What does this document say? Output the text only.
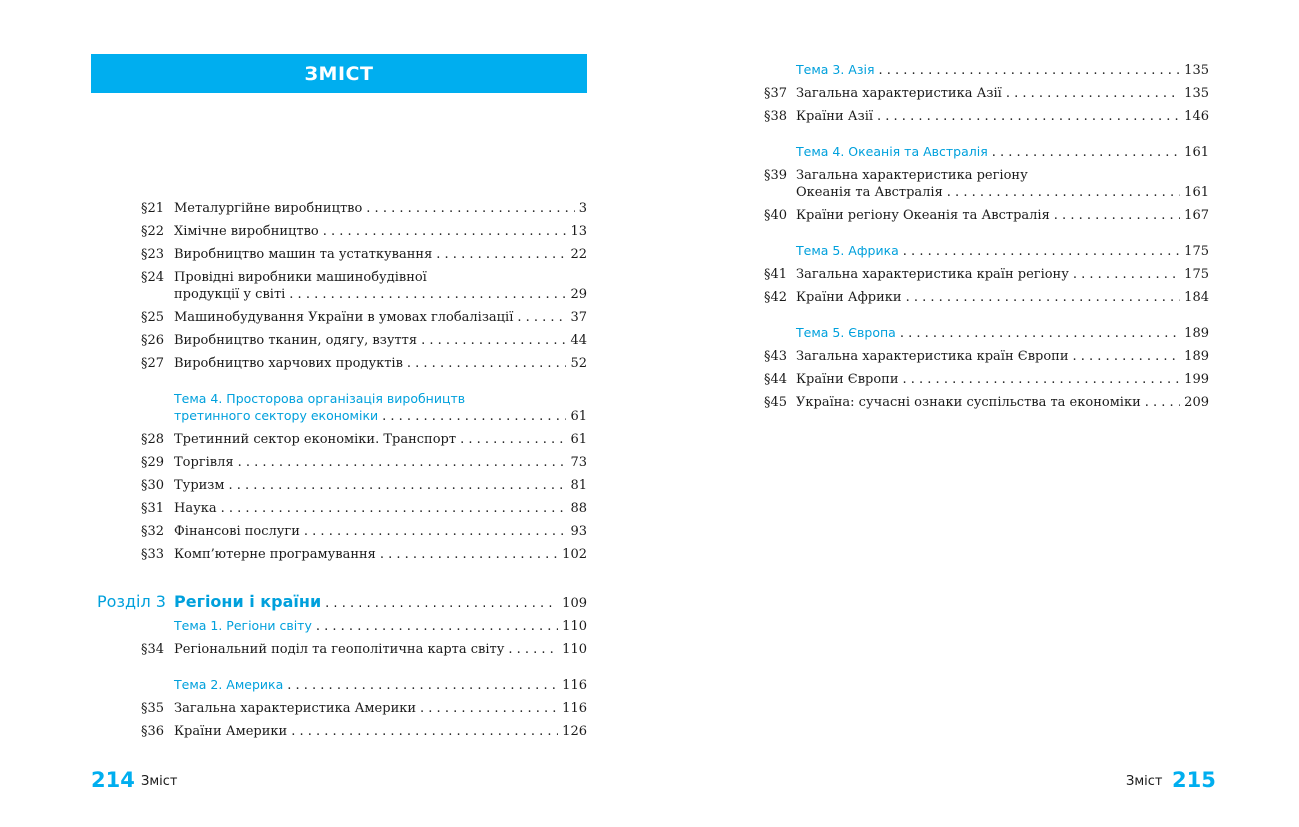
ЗМІСТ
§21 Металургійне виробництво . . .	3
§22 Хімічне виробництво . . .	13
§23 Виробництво машин та устаткування . . .	22
§24 Провідні виробники машинобудівної
продукції у світі . . .	29
§25 Машинобудування України в умовах глобалізації . . .	37
§26 Виробництво тканин, одягу, взуття . . .	44
§27 Виробництво харчових продуктів . . .	52
Тема 4. Просторова організація виробництв
третинного сектору економіки . . .	61
§28 Третинний сектор економіки. Транспорт . . .	61
§29 Торгівля . . .	73
§30 Туризм . . .	81
§31 Наука . . .	88
§32 Фінансові послуги . . .	93
§33 Комп’ютерне програмування . . .	102
Розділ 3 Регіони і країни . . .	109
Тема 1. Регіони світу . . .	110
§34 Регіональний поділ та геополітична карта світу . . .	110
Тема 2. Америка . . .	116
§35 Загальна характеристика Америки . . .	116
§36 Країни Америки . . .	126
214 Зміст
Тема 3. Азія . . .	135
§37 Загальна характеристика Азії . . .	135
§38 Країни Азії . . .	146
Тема 4. Океанія та Австралія . . .	161
§39 Загальна характеристика регіону
Океанія та Австралія . . .	161
§40 Країни регіону Океанія та Австралія . . .	167
Тема 5. Африка . . .	175
§41 Загальна характеристика країн регіону . . .	175
§42 Країни Африки . . .	184
Тема 5. Європа . . .	189
§43 Загальна характеристика країн Європи . . .	189
§44 Країни Європи . . .	199
§45 Україна: сучасні ознаки суспільства та економіки . . .	209
Зміст 215
